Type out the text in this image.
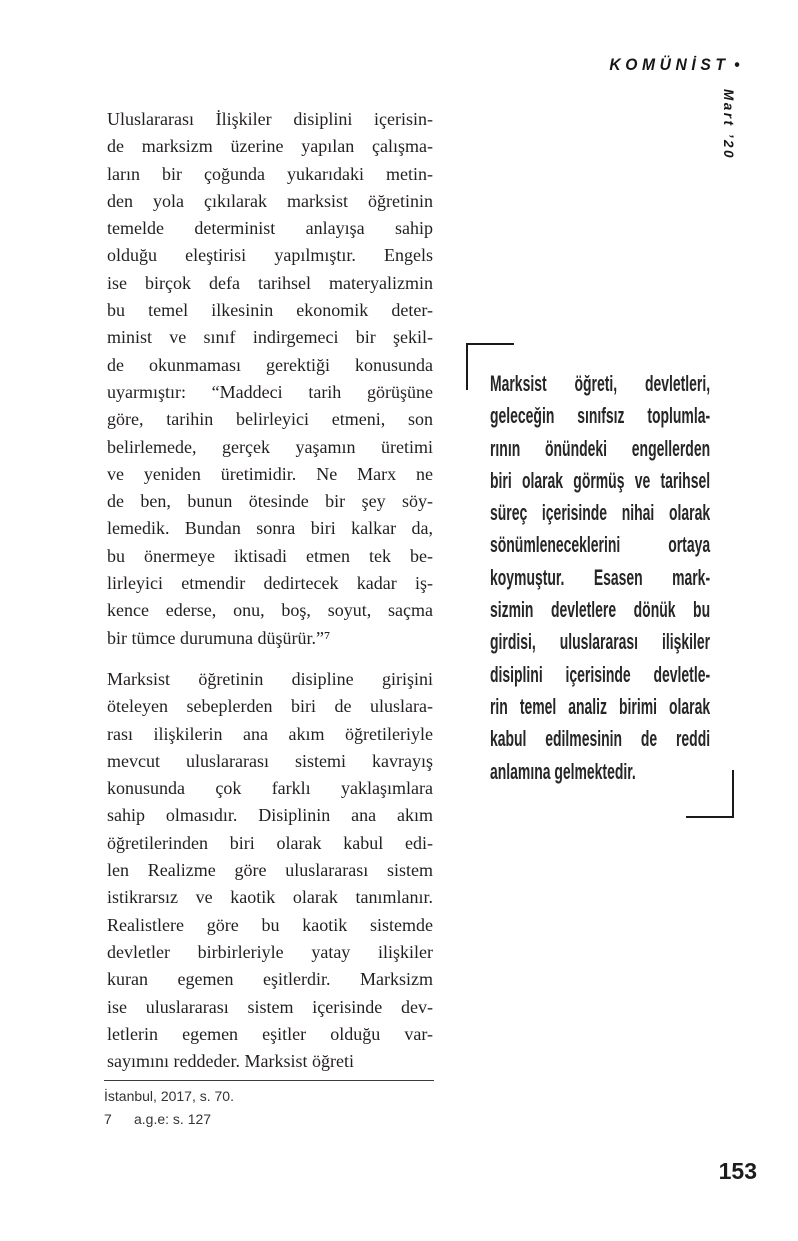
KOMÜNİST •
Mart ’20
Uluslararası İlişkiler disiplini içerisin-
de marksizm üzerine yapılan çalışma-
ların bir çoğunda yukarıdaki metin-
den yola çıkılarak marksist öğretinin
temelde determinist anlayışa sahip
olduğu eleştirisi yapılmıştır. Engels
ise birçok defa tarihsel materyalizmin
bu temel ilkesinin ekonomik deter-
minist ve sınıf indirgemeci bir şekil-
de okunmaması gerektiği konusunda
uyarmıştır: “Maddeci tarih görüşüne
göre, tarihin belirleyici etmeni, son
belirlemede, gerçek yaşamın üretimi
ve yeniden üretimidir. Ne Marx ne
de ben, bunun ötesinde bir şey söy-
lemedik. Bundan sonra biri kalkar da,
bu önermeye iktisadi etmen tek be-
lirleyici etmendir dedirtecek kadar iş-
kence ederse, onu, boş, soyut, saçma
bir tümce durumuna düşürür.”⁷
Marksist öğretinin disipline girişini
öteleyen sebeplerden biri de uluslara-
rası ilişkilerin ana akım öğretileriyle
mevcut uluslararası sistemi kavrayış
konusunda çok farklı yaklaşımlara
sahip olmasıdır. Disiplinin ana akım
öğretilerinden biri olarak kabul edi-
len Realizme göre uluslararası sistem
istikrarsız ve kaotik olarak tanımlanır.
Realistlere göre bu kaotik sistemde
devletler birbirleriyle yatay ilişkiler
kuran egemen eşitlerdir. Marksizm
ise uluslararası sistem içerisinde dev-
letlerin egemen eşitler olduğu var-
sayımını reddeder. Marksist öğreti
Marksist öğreti, devletleri,
geleceğin sınıfsız toplumla-
rının önündeki engellerden
biri olarak görmüş ve tarihsel
süreç içerisinde nihai olarak
sönümleneceklerini ortaya
koymuştur. Esasen mark-
sizmin devletlere dönük bu
girdisi, uluslararası ilişkiler
disiplini içerisinde devletle-
rin temel analiz birimi olarak
kabul edilmesinin de reddi
anlamına gelmektedir.
İstanbul, 2017, s. 70.
7	a.g.e: s. 127
153
